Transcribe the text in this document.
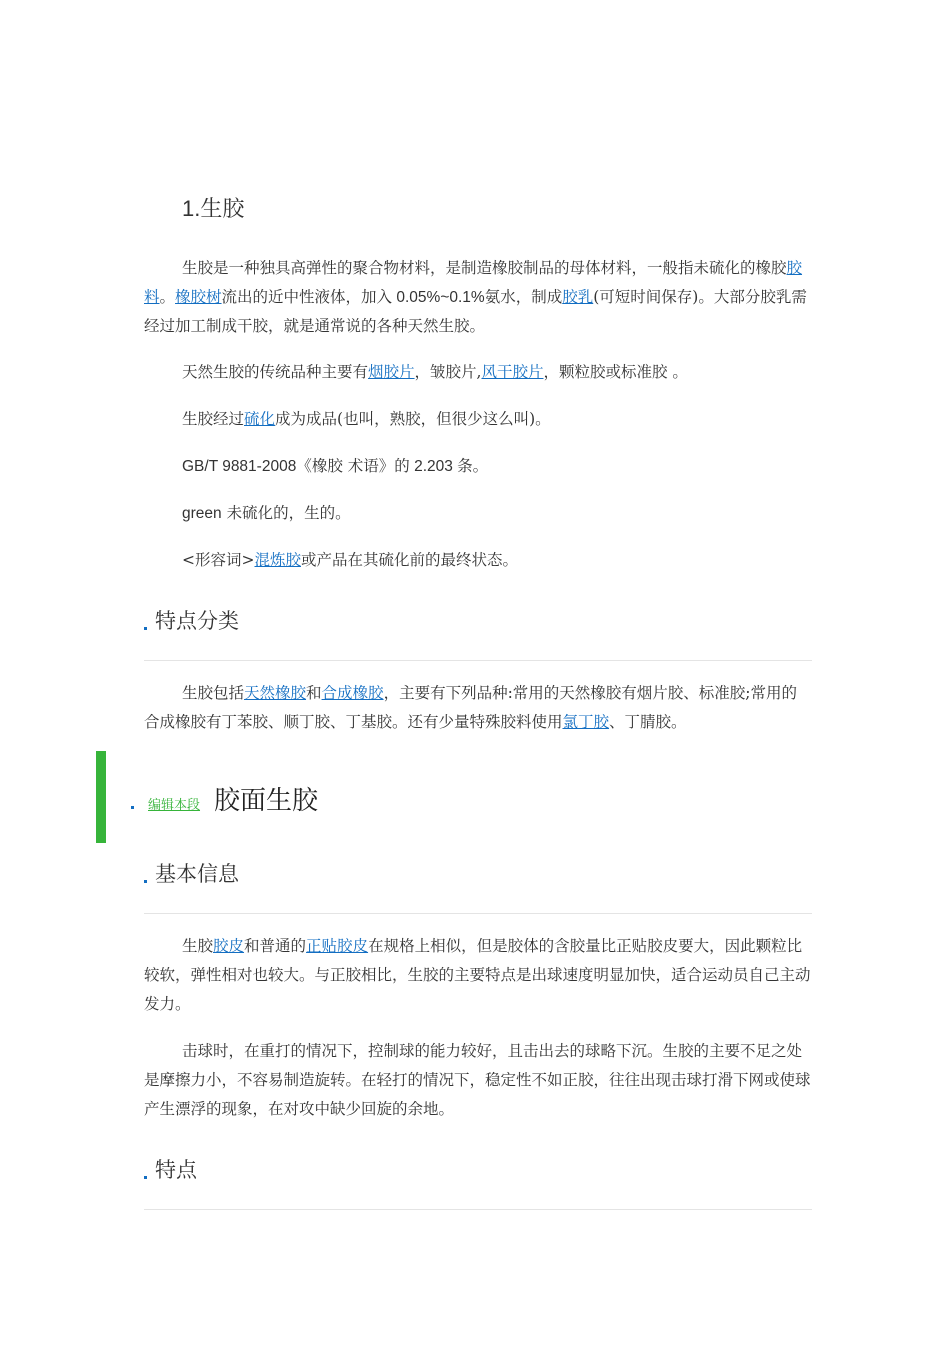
1.生胶

生胶是一种独具高弹性的聚合物材料，是制造橡胶制品的母体材料，一般指未硫化的橡胶胶料。橡胶树流出的近中性液体，加入 0.05%~0.1%氨水，制成胶乳(可短时间保存)。大部分胶乳需经过加工制成干胶，就是通常说的各种天然生胶。

天然生胶的传统品种主要有烟胶片，皱胶片,风干胶片，颗粒胶或标准胶 。

生胶经过硫化成为成品(也叫，熟胶，但很少这么叫)。

GB/T 9881-2008《橡胶 术语》的 2.203 条。

green 未硫化的，生的。

<形容词>混炼胶或产品在其硫化前的最终状态。

特点分类

生胶包括天然橡胶和合成橡胶，主要有下列品种:常用的天然橡胶有烟片胶、标准胶;常用的合成橡胶有丁苯胶、顺丁胶、丁基胶。还有少量特殊胶料使用氯丁胶、丁腈胶。

编辑本段 胶面生胶
基本信息

生胶胶皮和普通的正贴胶皮在规格上相似，但是胶体的含胶量比正贴胶皮要大，因此颗粒比较软，弹性相对也较大。与正胶相比，生胶的主要特点是出球速度明显加快，适合运动员自己主动发力。

击球时，在重打的情况下，控制球的能力较好，且击出去的球略下沉。生胶的主要不足之处是摩擦力小，不容易制造旋转。在轻打的情况下，稳定性不如正胶，往往出现击球打滑下网或使球产生漂浮的现象，在对攻中缺少回旋的余地。

特点
